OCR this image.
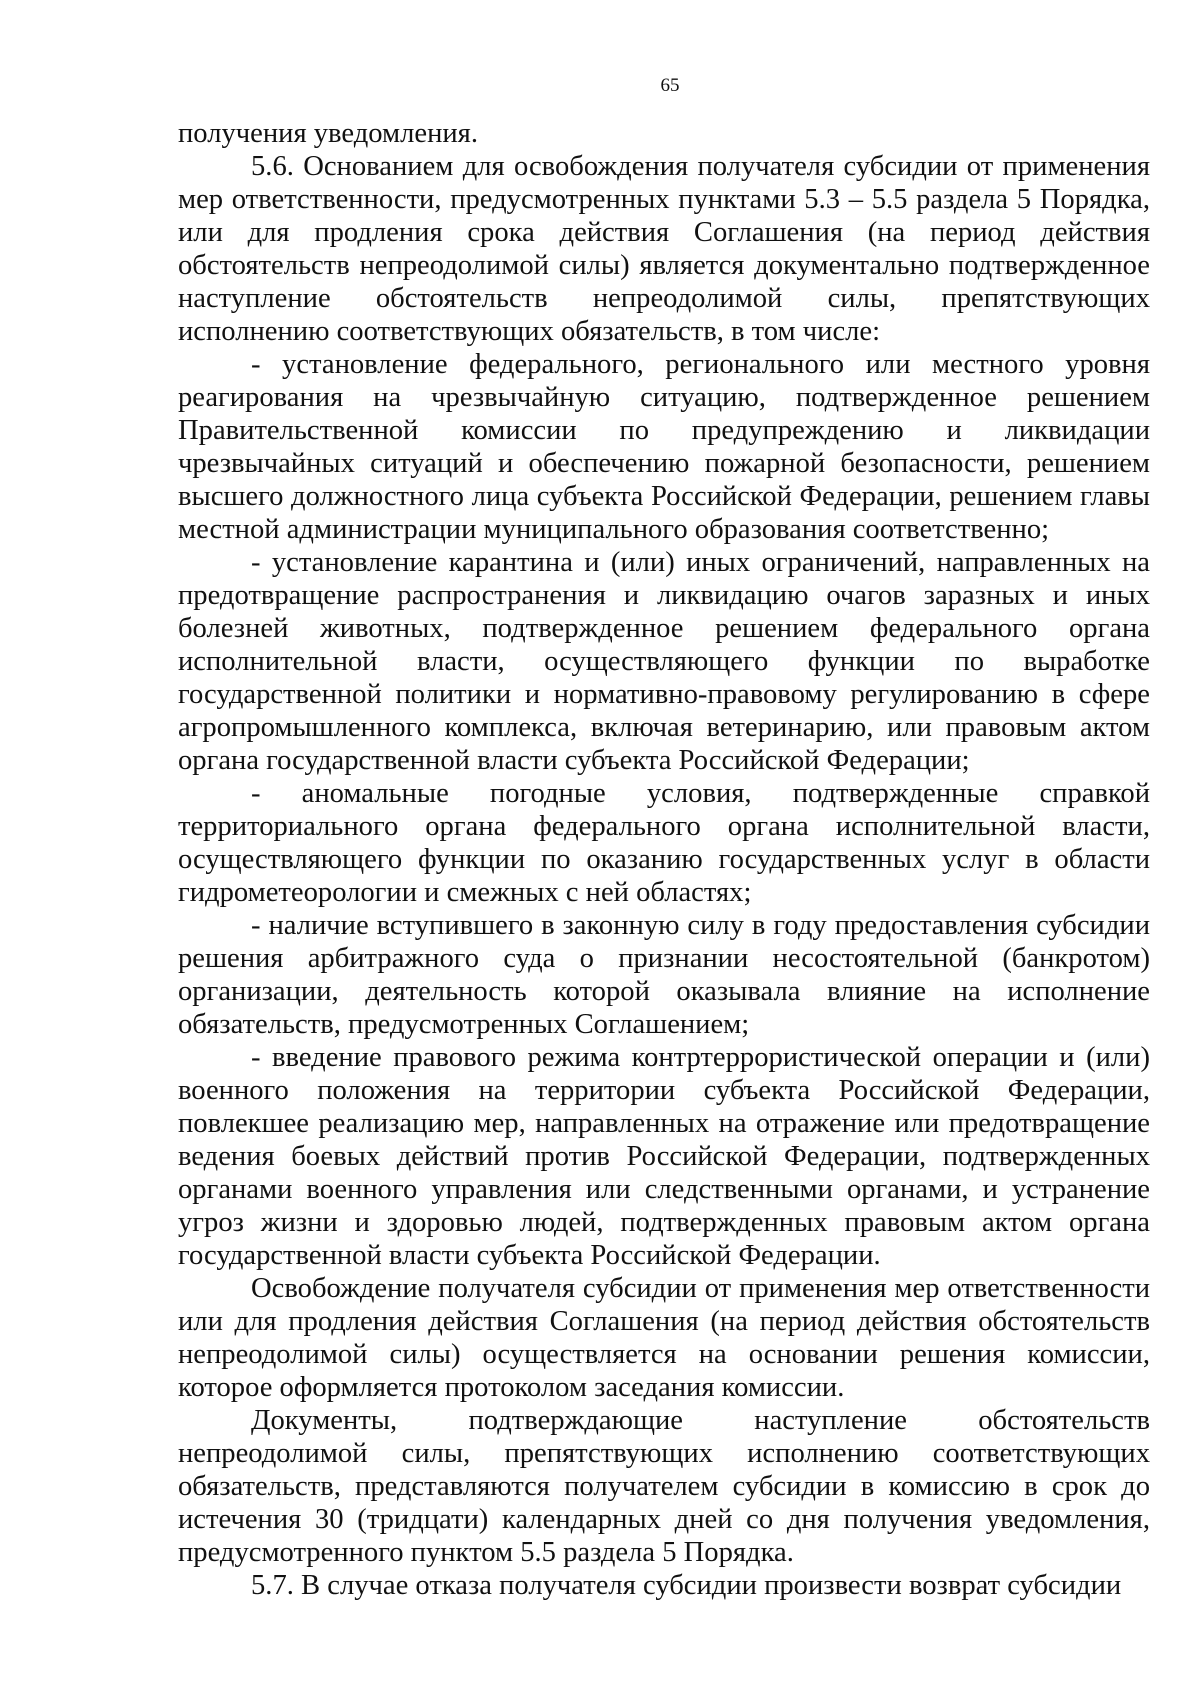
65

получения уведомления.

5.6. Основанием для освобождения получателя субсидии от применения мер ответственности, предусмотренных пунктами 5.3 – 5.5 раздела 5 Порядка, или для продления срока действия Соглашения (на период действия обстоятельств непреодолимой силы) является документально подтвержденное наступление обстоятельств непреодолимой силы, препятствующих исполнению соответствующих обязательств, в том числе:

- установление федерального, регионального или местного уровня реагирования на чрезвычайную ситуацию, подтвержденное решением Правительственной комиссии по предупреждению и ликвидации чрезвычайных ситуаций и обеспечению пожарной безопасности, решением высшего должностного лица субъекта Российской Федерации, решением главы местной администрации муниципального образования соответственно;

- установление карантина и (или) иных ограничений, направленных на предотвращение распространения и ликвидацию очагов заразных и иных болезней животных, подтвержденное решением федерального органа исполнительной власти, осуществляющего функции по выработке государственной политики и нормативно-правовому регулированию в сфере агропромышленного комплекса, включая ветеринарию, или правовым актом органа государственной власти субъекта Российской Федерации;

- аномальные погодные условия, подтвержденные справкой территориального органа федерального органа исполнительной власти, осуществляющего функции по оказанию государственных услуг в области гидрометеорологии и смежных с ней областях;

- наличие вступившего в законную силу в году предоставления субсидии решения арбитражного суда о признании несостоятельной (банкротом) организации, деятельность которой оказывала влияние на исполнение обязательств, предусмотренных Соглашением;

- введение правового режима контртеррористической операции и (или) военного положения на территории субъекта Российской Федерации, повлекшее реализацию мер, направленных на отражение или предотвращение ведения боевых действий против Российской Федерации, подтвержденных органами военного управления или следственными органами, и устранение угроз жизни и здоровью людей, подтвержденных правовым актом органа государственной власти субъекта Российской Федерации.

Освобождение получателя субсидии от применения мер ответственности или для продления действия Соглашения (на период действия обстоятельств непреодолимой силы) осуществляется на основании решения комиссии, которое оформляется протоколом заседания комиссии.

Документы, подтверждающие наступление обстоятельств непреодолимой силы, препятствующих исполнению соответствующих обязательств, представляются получателем субсидии в комиссию в срок до истечения 30 (тридцати) календарных дней со дня получения уведомления, предусмотренного пунктом 5.5 раздела 5 Порядка.

5.7. В случае отказа получателя субсидии произвести возврат субсидии
